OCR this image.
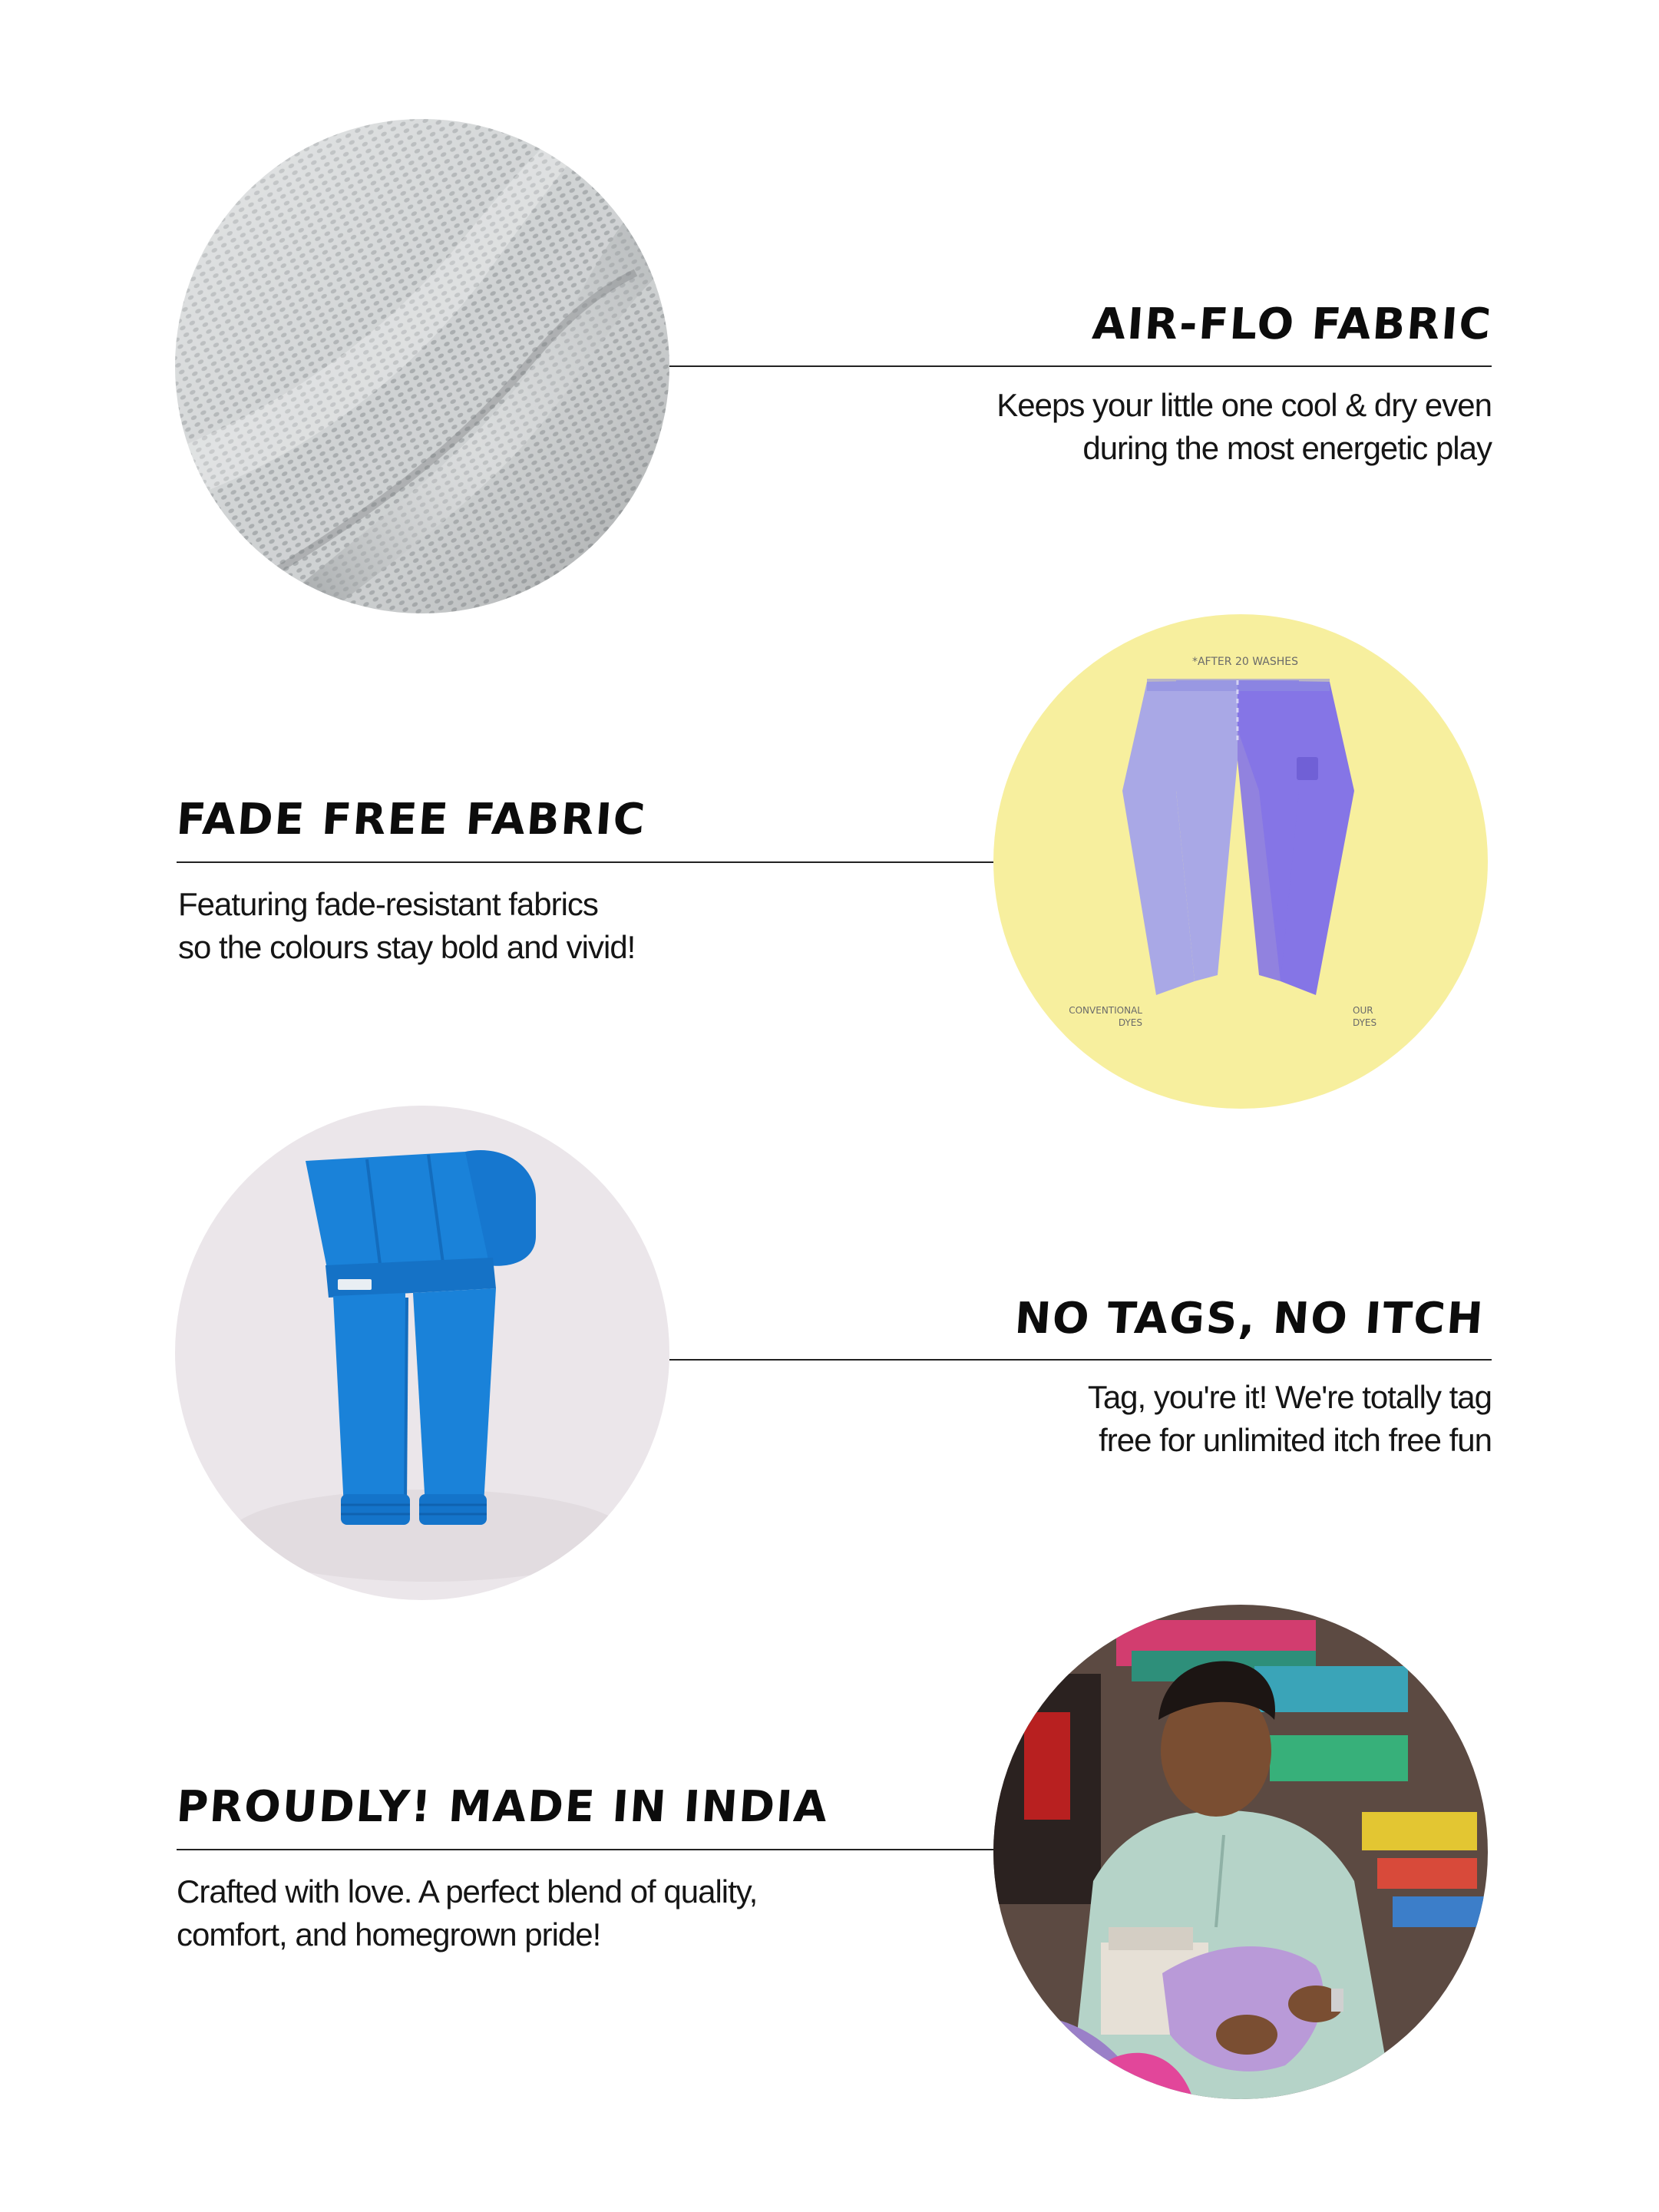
AIR-FLO FABRIC
Keeps your little one cool & dry even
during the most energetic play
FADE FREE FABRIC
Featuring fade-resistant fabrics
so the colours stay bold and vivid!
*AFTER 20 WASHES
CONVENTIONAL
DYES
OUR
DYES
NO TAGS, NO ITCH
Tag, you're it! We're totally tag
free for unlimited itch free fun
PROUDLY! MADE IN INDIA
Crafted with love. A perfect blend of quality,
comfort, and homegrown pride!
